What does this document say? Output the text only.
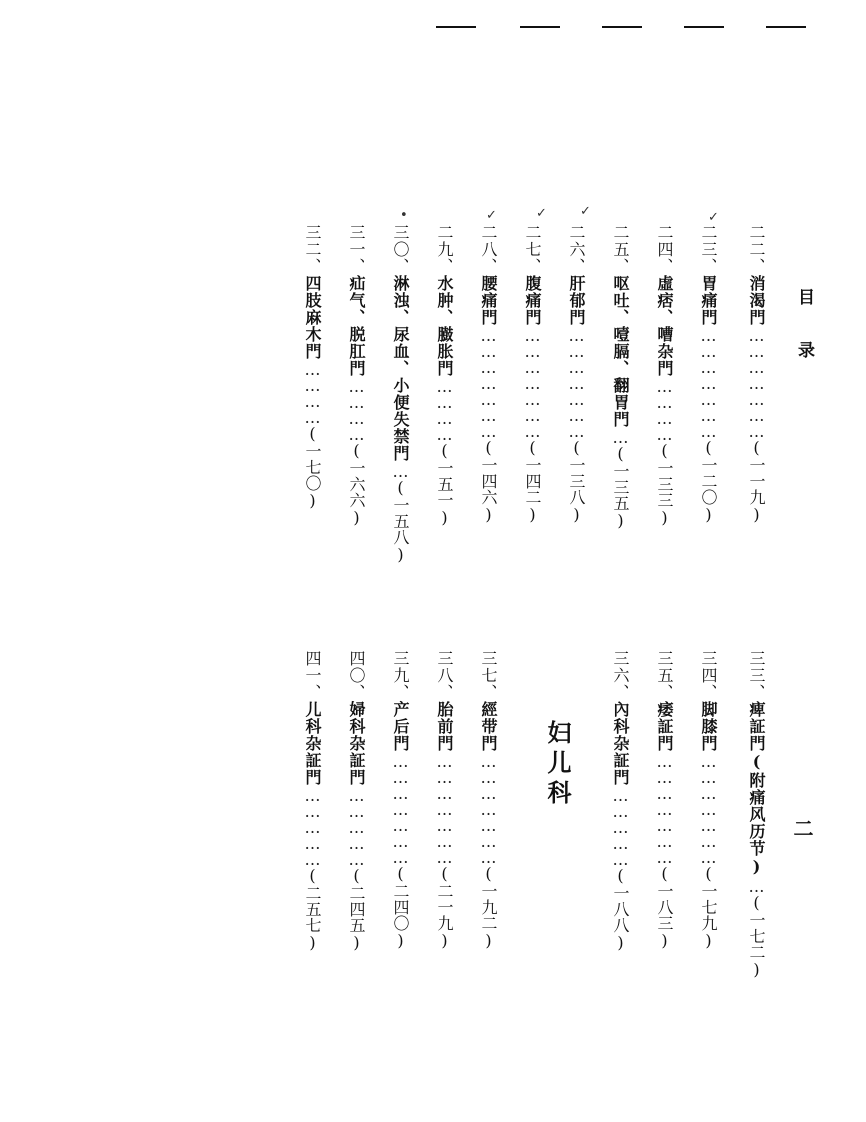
目录
二
妇儿科
✓
✓
✓
✓
•
二二、消渴門…………………(一一九)
二三、胃痛門…………………(一二〇)
二四、虛痞、嘈杂門…………(一三三)
二五、呕吐、噎膈、翻胃門…(一三五)
二六、肝郁門…………………(一三八)
二七、腹痛門…………………(一四二)
二八、腰痛門…………………(一四六)
二九、水肿、臌胀門…………(一五一)
三〇、淋浊、尿血、小便失禁門…(一五八)
三一、疝气、脱肛門…………(一六六)
三二、四肢麻木門…………(一七〇)
三三、痺証門(附痛风历节)…(一七二)
三四、脚膝門…………………(一七九)
三五、痿証門…………………(一八三)
三六、內科杂証門……………(一八八)
三七、經带門…………………(一九二)
三八、胎前門…………………(二一九)
三九、产后門…………………(二四〇)
四〇、婦科杂証門……………(二四五)
四一、儿科杂証門……………(二五七)
